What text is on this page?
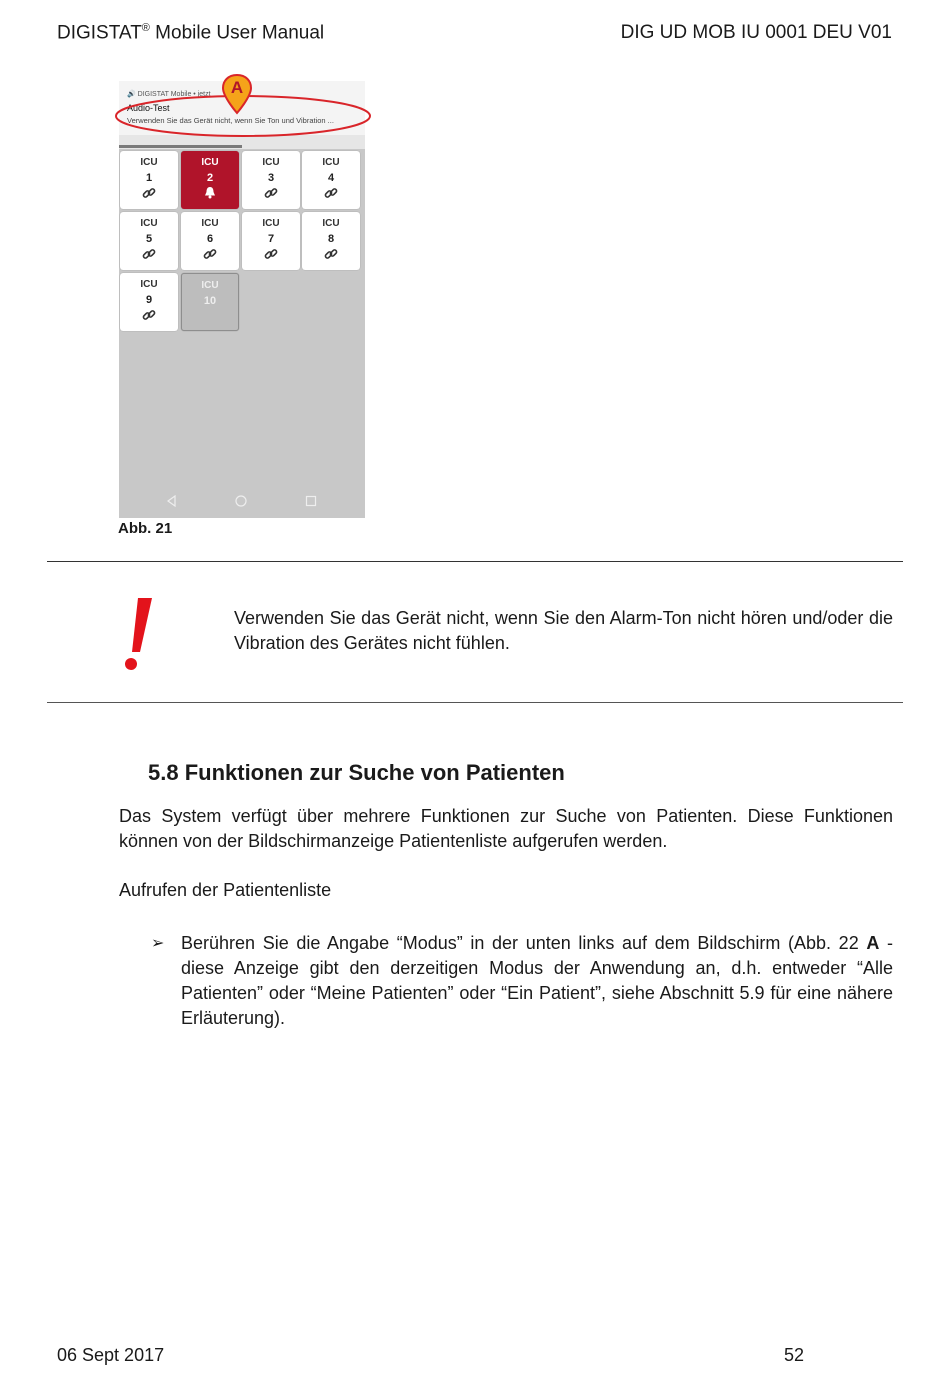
DIGISTAT® Mobile User Manual	DIG UD MOB IU 0001 DEU V01
🔊 DIGISTAT Mobile • jetzt
Audio-Test
Verwenden Sie das Gerät nicht, wenn Sie Ton und Vibration ...
ICU
1
ICU
2
ICU
3
ICU
4
ICU
5
ICU
6
ICU
7
ICU
8
ICU
9
ICU
10
A
Abb. 21

Verwenden Sie das Gerät nicht, wenn Sie den Alarm-Ton nicht hören und/oder die Vibration des Gerätes nicht fühlen.

5.8 Funktionen zur Suche von Patienten

Das System verfügt über mehrere Funktionen zur Suche von Patienten. Diese Funktionen können von der Bildschirmanzeige Patientenliste aufgerufen werden.

Aufrufen der Patientenliste

➢ Berühren Sie die Angabe “Modus” in der unten links auf dem Bildschirm (Abb. 22 A - diese Anzeige gibt den derzeitigen Modus der Anwendung an, d.h. entweder “Alle Patienten” oder “Meine Patienten” oder “Ein Patient”, siehe Abschnitt 5.9 für eine nähere Erläuterung).

06 Sept 2017	52
